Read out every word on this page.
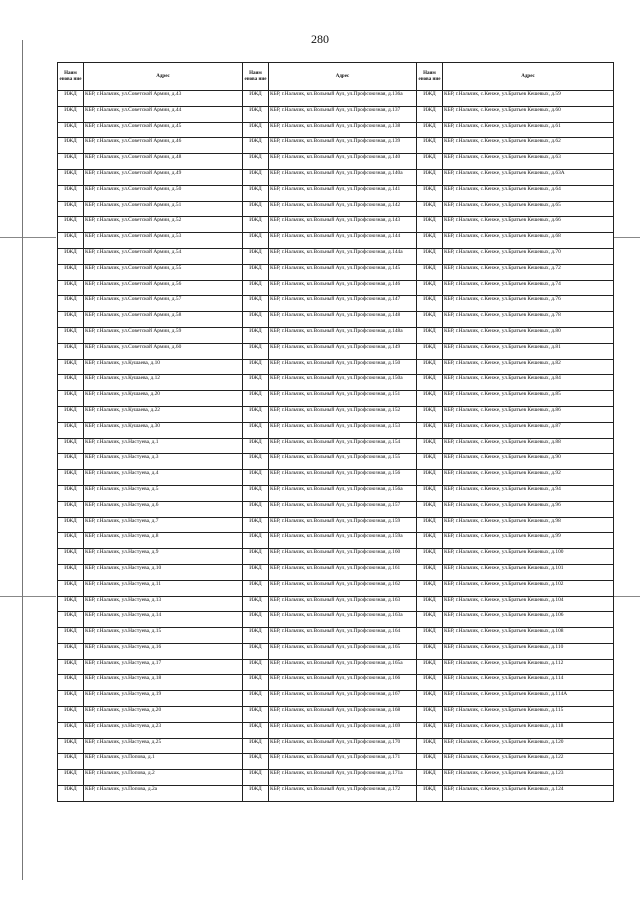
280
Наим енова ние	Адрес	Наим енова ние	Адрес	Наим енова ние	Адрес
ИЖД	КБР, г.Нальчик, ул.Советской Армии, д.43	ИЖД	КБР, г.Нальчик, кп.Вольный Аул, ул.Профсоюзная, д.136а	ИЖД	КБР, г.Нальчик, с.Кенже, ул.Братьев Кешевых, д.59
ИЖД	КБР, г.Нальчик, ул.Советской Армии, д.44	ИЖД	КБР, г.Нальчик, кп.Вольный Аул, ул.Профсоюзная, д.137	ИЖД	КБР, г.Нальчик, с.Кенже, ул.Братьев Кешевых, д.60
ИЖД	КБР, г.Нальчик, ул.Советской Армии, д.45	ИЖД	КБР, г.Нальчик, кп.Вольный Аул, ул.Профсоюзная, д.138	ИЖД	КБР, г.Нальчик, с.Кенже, ул.Братьев Кешевых, д.61
ИЖД	КБР, г.Нальчик, ул.Советской Армии, д.46	ИЖД	КБР, г.Нальчик, кп.Вольный Аул, ул.Профсоюзная, д.139	ИЖД	КБР, г.Нальчик, с.Кенже, ул.Братьев Кешевых, д.62
ИЖД	КБР, г.Нальчик, ул.Советской Армии, д.48	ИЖД	КБР, г.Нальчик, кп.Вольный Аул, ул.Профсоюзная, д.140	ИЖД	КБР, г.Нальчик, с.Кенже, ул.Братьев Кешевых, д.63
ИЖД	КБР, г.Нальчик, ул.Советской Армии, д.49	ИЖД	КБР, г.Нальчик, кп.Вольный Аул, ул.Профсоюзная, д.140а	ИЖД	КБР, г.Нальчик, с.Кенже, ул.Братьев Кешевых, д.63А
ИЖД	КБР, г.Нальчик, ул.Советской Армии, д.50	ИЖД	КБР, г.Нальчик, кп.Вольный Аул, ул.Профсоюзная, д.141	ИЖД	КБР, г.Нальчик, с.Кенже, ул.Братьев Кешевых, д.64
ИЖД	КБР, г.Нальчик, ул.Советской Армии, д.51	ИЖД	КБР, г.Нальчик, кп.Вольный Аул, ул.Профсоюзная, д.142	ИЖД	КБР, г.Нальчик, с.Кенже, ул.Братьев Кешевых, д.65
ИЖД	КБР, г.Нальчик, ул.Советской Армии, д.52	ИЖД	КБР, г.Нальчик, кп.Вольный Аул, ул.Профсоюзная, д.143	ИЖД	КБР, г.Нальчик, с.Кенже, ул.Братьев Кешевых, д.66
ИЖД	КБР, г.Нальчик, ул.Советской Армии, д.53	ИЖД	КБР, г.Нальчик, кп.Вольный Аул, ул.Профсоюзная, д.144	ИЖД	КБР, г.Нальчик, с.Кенже, ул.Братьев Кешевых, д.68
ИЖД	КБР, г.Нальчик, ул.Советской Армии, д.54	ИЖД	КБР, г.Нальчик, кп.Вольный Аул, ул.Профсоюзная, д.144а	ИЖД	КБР, г.Нальчик, с.Кенже, ул.Братьев Кешевых, д.70
ИЖД	КБР, г.Нальчик, ул.Советской Армии, д.55	ИЖД	КБР, г.Нальчик, кп.Вольный Аул, ул.Профсоюзная, д.145	ИЖД	КБР, г.Нальчик, с.Кенже, ул.Братьев Кешевых, д.72
ИЖД	КБР, г.Нальчик, ул.Советской Армии, д.56	ИЖД	КБР, г.Нальчик, кп.Вольный Аул, ул.Профсоюзная, д.146	ИЖД	КБР, г.Нальчик, с.Кенже, ул.Братьев Кешевых, д.74
ИЖД	КБР, г.Нальчик, ул.Советской Армии, д.57	ИЖД	КБР, г.Нальчик, кп.Вольный Аул, ул.Профсоюзная, д.147	ИЖД	КБР, г.Нальчик, с.Кенже, ул.Братьев Кешевых, д.76
ИЖД	КБР, г.Нальчик, ул.Советской Армии, д.58	ИЖД	КБР, г.Нальчик, кп.Вольный Аул, ул.Профсоюзная, д.148	ИЖД	КБР, г.Нальчик, с.Кенже, ул.Братьев Кешевых, д.78
ИЖД	КБР, г.Нальчик, ул.Советской Армии, д.59	ИЖД	КБР, г.Нальчик, кп.Вольный Аул, ул.Профсоюзная, д.148а	ИЖД	КБР, г.Нальчик, с.Кенже, ул.Братьев Кешевых, д.80
ИЖД	КБР, г.Нальчик, ул.Советской Армии, д.60	ИЖД	КБР, г.Нальчик, кп.Вольный Аул, ул.Профсоюзная, д.149	ИЖД	КБР, г.Нальчик, с.Кенже, ул.Братьев Кешевых, д.81
ИЖД	КБР, г.Нальчик, ул.Кушаева, д.10	ИЖД	КБР, г.Нальчик, кп.Вольный Аул, ул.Профсоюзная, д.150	ИЖД	КБР, г.Нальчик, с.Кенже, ул.Братьев Кешевых, д.82
ИЖД	КБР, г.Нальчик, ул.Кушаева, д.12	ИЖД	КБР, г.Нальчик, кп.Вольный Аул, ул.Профсоюзная, д.150а	ИЖД	КБР, г.Нальчик, с.Кенже, ул.Братьев Кешевых, д.84
ИЖД	КБР, г.Нальчик, ул.Кушаева, д.20	ИЖД	КБР, г.Нальчик, кп.Вольный Аул, ул.Профсоюзная, д.151	ИЖД	КБР, г.Нальчик, с.Кенже, ул.Братьев Кешевых, д.85
ИЖД	КБР, г.Нальчик, ул.Кушаева, д.22	ИЖД	КБР, г.Нальчик, кп.Вольный Аул, ул.Профсоюзная, д.152	ИЖД	КБР, г.Нальчик, с.Кенже, ул.Братьев Кешевых, д.86
ИЖД	КБР, г.Нальчик, ул.Кушаева, д.30	ИЖД	КБР, г.Нальчик, кп.Вольный Аул, ул.Профсоюзная, д.153	ИЖД	КБР, г.Нальчик, с.Кенже, ул.Братьев Кешевых, д.87
ИЖД	КБР, г.Нальчик, ул.Настуева, д.1	ИЖД	КБР, г.Нальчик, кп.Вольный Аул, ул.Профсоюзная, д.154	ИЖД	КБР, г.Нальчик, с.Кенже, ул.Братьев Кешевых, д.88
ИЖД	КБР, г.Нальчик, ул.Настуева, д.3	ИЖД	КБР, г.Нальчик, кп.Вольный Аул, ул.Профсоюзная, д.155	ИЖД	КБР, г.Нальчик, с.Кенже, ул.Братьев Кешевых, д.90
ИЖД	КБР, г.Нальчик, ул.Настуева, д.4	ИЖД	КБР, г.Нальчик, кп.Вольный Аул, ул.Профсоюзная, д.156	ИЖД	КБР, г.Нальчик, с.Кенже, ул.Братьев Кешевых, д.92
ИЖД	КБР, г.Нальчик, ул.Настуева, д.5	ИЖД	КБР, г.Нальчик, кп.Вольный Аул, ул.Профсоюзная, д.156а	ИЖД	КБР, г.Нальчик, с.Кенже, ул.Братьев Кешевых, д.94
ИЖД	КБР, г.Нальчик, ул.Настуева, д.6	ИЖД	КБР, г.Нальчик, кп.Вольный Аул, ул.Профсоюзная, д.157	ИЖД	КБР, г.Нальчик, с.Кенже, ул.Братьев Кешевых, д.96
ИЖД	КБР, г.Нальчик, ул.Настуева, д.7	ИЖД	КБР, г.Нальчик, кп.Вольный Аул, ул.Профсоюзная, д.159	ИЖД	КБР, г.Нальчик, с.Кенже, ул.Братьев Кешевых, д.98
ИЖД	КБР, г.Нальчик, ул.Настуева, д.8	ИЖД	КБР, г.Нальчик, кп.Вольный Аул, ул.Профсоюзная, д.159а	ИЖД	КБР, г.Нальчик, с.Кенже, ул.Братьев Кешевых, д.99
ИЖД	КБР, г.Нальчик, ул.Настуева, д.9	ИЖД	КБР, г.Нальчик, кп.Вольный Аул, ул.Профсоюзная, д.160	ИЖД	КБР, г.Нальчик, с.Кенже, ул.Братьев Кешевых, д.100
ИЖД	КБР, г.Нальчик, ул.Настуева, д.10	ИЖД	КБР, г.Нальчик, кп.Вольный Аул, ул.Профсоюзная, д.161	ИЖД	КБР, г.Нальчик, с.Кенже, ул.Братьев Кешевых, д.101
ИЖД	КБР, г.Нальчик, ул.Настуева, д.11	ИЖД	КБР, г.Нальчик, кп.Вольный Аул, ул.Профсоюзная, д.162	ИЖД	КБР, г.Нальчик, с.Кенже, ул.Братьев Кешевых, д.102
ИЖД	КБР, г.Нальчик, ул.Настуева, д.13	ИЖД	КБР, г.Нальчик, кп.Вольный Аул, ул.Профсоюзная, д.163	ИЖД	КБР, г.Нальчик, с.Кенже, ул.Братьев Кешевых, д.104
ИЖД	КБР, г.Нальчик, ул.Настуева, д.14	ИЖД	КБР, г.Нальчик, кп.Вольный Аул, ул.Профсоюзная, д.163а	ИЖД	КБР, г.Нальчик, с.Кенже, ул.Братьев Кешевых, д.106
ИЖД	КБР, г.Нальчик, ул.Настуева, д.15	ИЖД	КБР, г.Нальчик, кп.Вольный Аул, ул.Профсоюзная, д.164	ИЖД	КБР, г.Нальчик, с.Кенже, ул.Братьев Кешевых, д.108
ИЖД	КБР, г.Нальчик, ул.Настуева, д.16	ИЖД	КБР, г.Нальчик, кп.Вольный Аул, ул.Профсоюзная, д.165	ИЖД	КБР, г.Нальчик, с.Кенже, ул.Братьев Кешевых, д.110
ИЖД	КБР, г.Нальчик, ул.Настуева, д.17	ИЖД	КБР, г.Нальчик, кп.Вольный Аул, ул.Профсоюзная, д.165а	ИЖД	КБР, г.Нальчик, с.Кенже, ул.Братьев Кешевых, д.112
ИЖД	КБР, г.Нальчик, ул.Настуева, д.18	ИЖД	КБР, г.Нальчик, кп.Вольный Аул, ул.Профсоюзная, д.166	ИЖД	КБР, г.Нальчик, с.Кенже, ул.Братьев Кешевых, д.114
ИЖД	КБР, г.Нальчик, ул.Настуева, д.19	ИЖД	КБР, г.Нальчик, кп.Вольный Аул, ул.Профсоюзная, д.167	ИЖД	КБР, г.Нальчик, с.Кенже, ул.Братьев Кешевых, д.114А
ИЖД	КБР, г.Нальчик, ул.Настуева, д.20	ИЖД	КБР, г.Нальчик, кп.Вольный Аул, ул.Профсоюзная, д.168	ИЖД	КБР, г.Нальчик, с.Кенже, ул.Братьев Кешевых, д.115
ИЖД	КБР, г.Нальчик, ул.Настуева, д.23	ИЖД	КБР, г.Нальчик, кп.Вольный Аул, ул.Профсоюзная, д.169	ИЖД	КБР, г.Нальчик, с.Кенже, ул.Братьев Кешевых, д.118
ИЖД	КБР, г.Нальчик, ул.Настуева, д.25	ИЖД	КБР, г.Нальчик, кп.Вольный Аул, ул.Профсоюзная, д.170	ИЖД	КБР, г.Нальчик, с.Кенже, ул.Братьев Кешевых, д.120
ИЖД	КБР, г.Нальчик, ул.Попова, д.1	ИЖД	КБР, г.Нальчик, кп.Вольный Аул, ул.Профсоюзная, д.171	ИЖД	КБР, г.Нальчик, с.Кенже, ул.Братьев Кешевых, д.122
ИЖД	КБР, г.Нальчик, ул.Попова, д.2	ИЖД	КБР, г.Нальчик, кп.Вольный Аул, ул.Профсоюзная, д.171а	ИЖД	КБР, г.Нальчик, с.Кенже, ул.Братьев Кешевых, д.123
ИЖД	КБР, г.Нальчик, ул.Попова, д.2а	ИЖД	КБР, г.Нальчик, кп.Вольный Аул, ул.Профсоюзная, д.172	ИЖД	КБР, г.Нальчик, с.Кенже, ул.Братьев Кешевых, д.124
